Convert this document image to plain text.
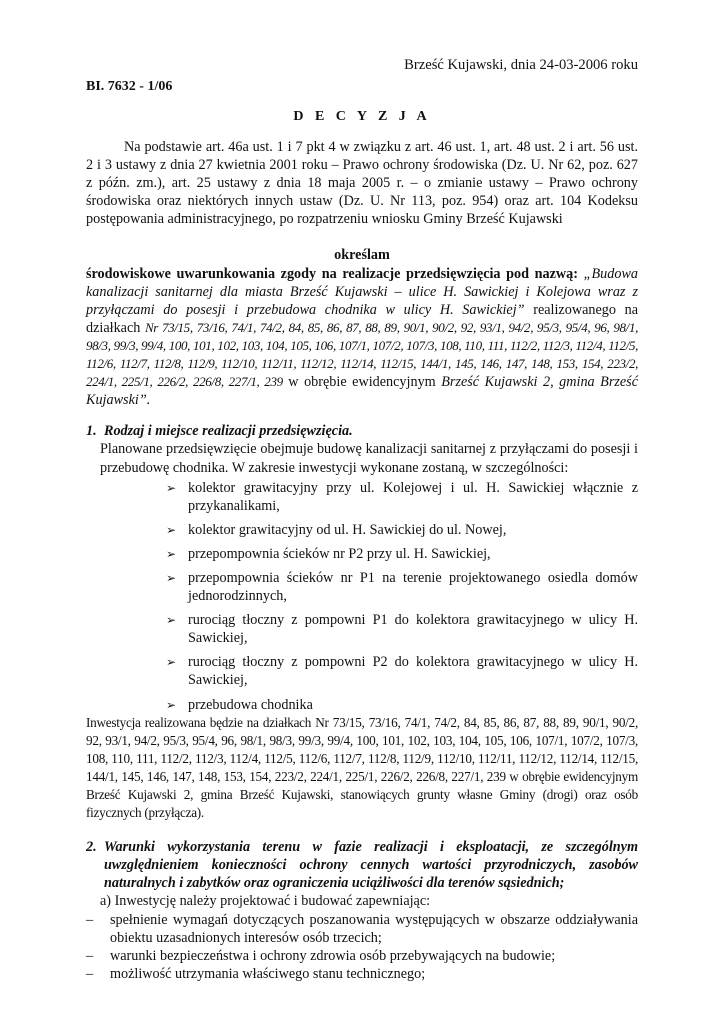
Brześć Kujawski, dnia 24-03-2006 roku
BI. 7632 - 1/06
D E C Y Z J A

Na podstawie art. 46a ust. 1 i 7 pkt 4 w związku z art. 46 ust. 1, art. 48 ust. 2 i art. 56 ust. 2 i 3 ustawy z dnia 27 kwietnia 2001 roku – Prawo ochrony środowiska (Dz. U. Nr 62, poz. 627 z późn. zm.), art. 25 ustawy z dnia 18 maja 2005 r. – o zmianie ustawy – Prawo ochrony środowiska oraz niektórych innych ustaw (Dz. U. Nr 113, poz. 954) oraz art. 104 Kodeksu postępowania administracyjnego, po rozpatrzeniu wniosku Gminy Brześć Kujawski

określam

środowiskowe uwarunkowania zgody na realizacje przedsięwzięcia pod nazwą: „Budowa kanalizacji sanitarnej dla miasta Brześć Kujawski – ulice H. Sawickiej i Kolejowa wraz z przyłączami do posesji i przebudowa chodnika w ulicy H. Sawickiej” realizowanego na działkach Nr 73/15, 73/16, 74/1, 74/2, 84, 85, 86, 87, 88, 89, 90/1, 90/2, 92, 93/1, 94/2, 95/3, 95/4, 96, 98/1, 98/3, 99/3, 99/4, 100, 101, 102, 103, 104, 105, 106, 107/1, 107/2, 107/3, 108, 110, 111, 112/2, 112/3, 112/4, 112/5, 112/6, 112/7, 112/8, 112/9, 112/10, 112/11, 112/12, 112/14, 112/15, 144/1, 145, 146, 147, 148, 153, 154, 223/2, 224/1, 225/1, 226/2, 226/8, 227/1, 239 w obrębie ewidencyjnym Brześć Kujawski 2, gmina Brześć Kujawski”.

1. Rodzaj i miejsce realizacji przedsięwzięcia.

Planowane przedsięwzięcie obejmuje budowę kanalizacji sanitarnej z przyłączami do posesji i przebudowę chodnika. W zakresie inwestycji wykonane zostaną, w szczególności:

➢ kolektor grawitacyjny przy ul. Kolejowej i ul. H. Sawickiej włącznie z przykanalikami,
➢ kolektor grawitacyjny od ul. H. Sawickiej do ul. Nowej,
➢ przepompownia ścieków nr P2 przy ul. H. Sawickiej,
➢ przepompownia ścieków nr P1 na terenie projektowanego osiedla domów jednorodzinnych,
➢ rurociąg tłoczny z pompowni P1 do kolektora grawitacyjnego w ulicy H. Sawickiej,
➢ rurociąg tłoczny z pompowni P2 do kolektora grawitacyjnego w ulicy H. Sawickiej,
➢ przebudowa chodnika

Inwestycja realizowana będzie na działkach Nr 73/15, 73/16, 74/1, 74/2, 84, 85, 86, 87, 88, 89, 90/1, 90/2, 92, 93/1, 94/2, 95/3, 95/4, 96, 98/1, 98/3, 99/3, 99/4, 100, 101, 102, 103, 104, 105, 106, 107/1, 107/2, 107/3, 108, 110, 111, 112/2, 112/3, 112/4, 112/5, 112/6, 112/7, 112/8, 112/9, 112/10, 112/11, 112/12, 112/14, 112/15, 144/1, 145, 146, 147, 148, 153, 154, 223/2, 224/1, 225/1, 226/2, 226/8, 227/1, 239 w obrębie ewidencyjnym Brześć Kujawski 2, gmina Brześć Kujawski, stanowiących grunty własne Gminy (drogi) oraz osób fizycznych (przyłącza).

2. Warunki wykorzystania terenu w fazie realizacji i eksploatacji, ze szczególnym uwzględnieniem konieczności ochrony cennych wartości przyrodniczych, zasobów naturalnych i zabytków oraz ograniczenia uciążliwości dla terenów sąsiednich;

a) Inwestycję należy projektować i budować zapewniając:

–	spełnienie wymagań dotyczących poszanowania występujących w obszarze oddziaływania obiektu uzasadnionych interesów osób trzecich;
–	warunki bezpieczeństwa i ochrony zdrowia osób przebywających na budowie;
–	możliwość utrzymania właściwego stanu technicznego;
